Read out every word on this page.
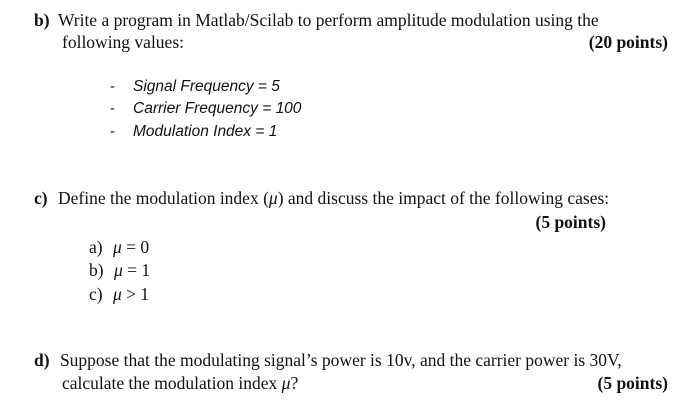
b) Write a program in Matlab/Scilab to perform amplitude modulation using the
following values:	(20 points)
- Signal Frequency = 5
- Carrier Frequency = 100
- Modulation Index = 1
c) Define the modulation index (μ) and discuss the impact of the following cases:
(5 points)
a) μ = 0
b) μ = 1
c) μ > 1
d) Suppose that the modulating signal’s power is 10v, and the carrier power is 30V,
calculate the modulation index μ?	(5 points)
